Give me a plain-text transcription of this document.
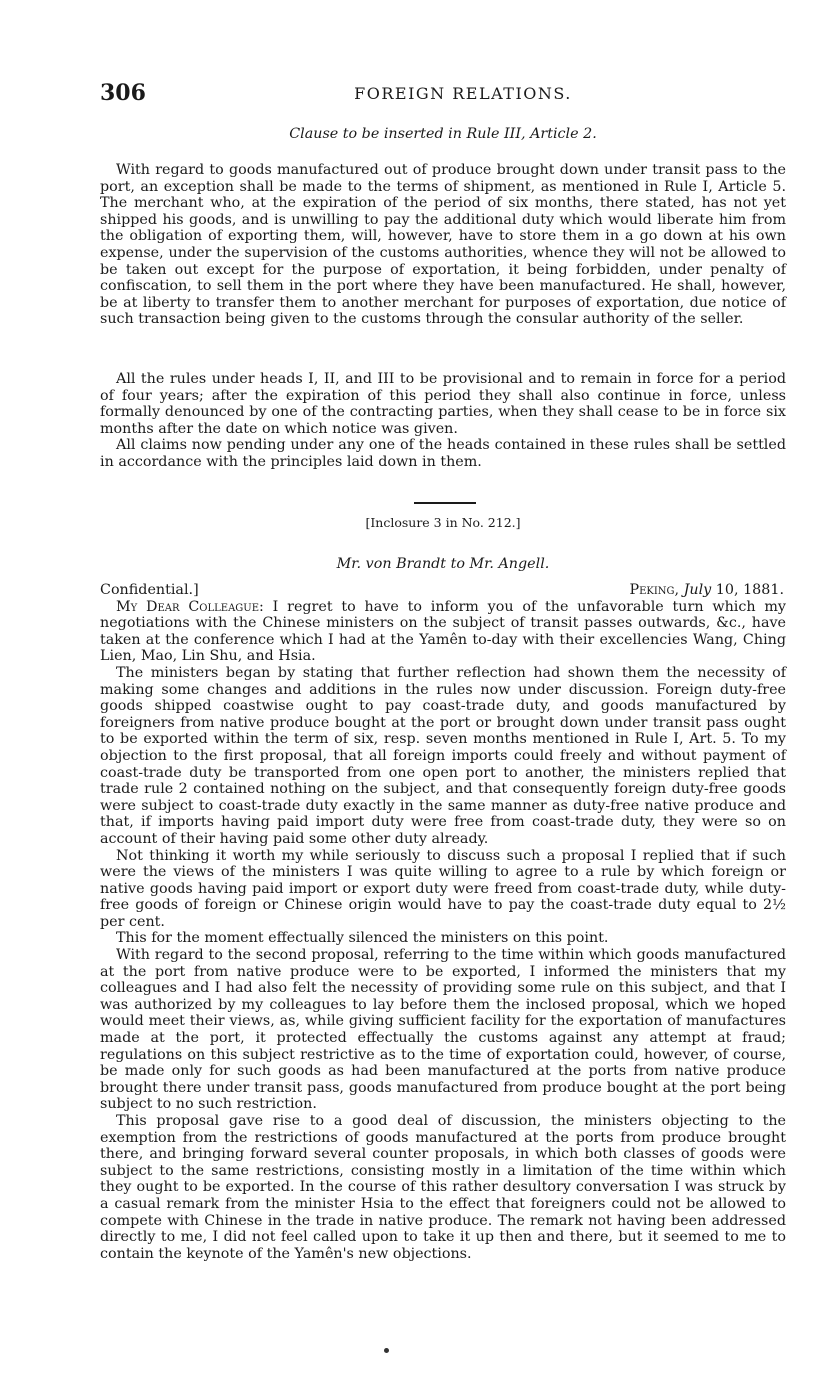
306	FOREIGN RELATIONS.

Clause to be inserted in Rule III, Article 2.

With regard to goods manufactured out of produce brought down under transit pass to the port, an exception shall be made to the terms of shipment, as mentioned in Rule I, Article 5. The merchant who, at the expiration of the period of six months, there stated, has not yet shipped his goods, and is unwilling to pay the additional duty which would liberate him from the obligation of exporting them, will, however, have to store them in a go down at his own expense, under the supervision of the customs authorities, whence they will not be allowed to be taken out except for the purpose of exportation, it being forbidden, under penalty of confiscation, to sell them in the port where they have been manufactured. He shall, however, be at liberty to transfer them to another merchant for purposes of exportation, due notice of such transaction being given to the customs through the consular authority of the seller.

All the rules under heads I, II, and III to be provisional and to remain in force for a period of four years; after the expiration of this period they shall also continue in force, unless formally denounced by one of the contracting parties, when they shall cease to be in force six months after the date on which notice was given.

All claims now pending under any one of the heads contained in these rules shall be settled in accordance with the principles laid down in them.

[Inclosure 3 in No. 212.]

Mr. von Brandt to Mr. Angell.

Confidential.]	Peking, July 10, 1881.

My Dear Colleague: I regret to have to inform you of the unfavorable turn which my negotiations with the Chinese ministers on the subject of transit passes outwards, &c., have taken at the conference which I had at the Yamên to-day with their excellencies Wang, Ching Lien, Mao, Lin Shu, and Hsia.

The ministers began by stating that further reflection had shown them the necessity of making some changes and additions in the rules now under discussion. Foreign duty-free goods shipped coastwise ought to pay coast-trade duty, and goods manufactured by foreigners from native produce bought at the port or brought down under transit pass ought to be exported within the term of six, resp. seven months mentioned in Rule I, Art. 5. To my objection to the first proposal, that all foreign imports could freely and without payment of coast-trade duty be transported from one open port to another, the ministers replied that trade rule 2 contained nothing on the subject, and that consequently foreign duty-free goods were subject to coast-trade duty exactly in the same manner as duty-free native produce and that, if imports having paid import duty were free from coast-trade duty, they were so on account of their having paid some other duty already.

Not thinking it worth my while seriously to discuss such a proposal I replied that if such were the views of the ministers I was quite willing to agree to a rule by which foreign or native goods having paid import or export duty were freed from coast-trade duty, while duty-free goods of foreign or Chinese origin would have to pay the coast-trade duty equal to 2½ per cent.

This for the moment effectually silenced the ministers on this point.

With regard to the second proposal, referring to the time within which goods manufactured at the port from native produce were to be exported, I informed the ministers that my colleagues and I had also felt the necessity of providing some rule on this subject, and that I was authorized by my colleagues to lay before them the inclosed proposal, which we hoped would meet their views, as, while giving sufficient facility for the exportation of manufactures made at the port, it protected effectually the customs against any attempt at fraud; regulations on this subject restrictive as to the time of exportation could, however, of course, be made only for such goods as had been manufactured at the ports from native produce brought there under transit pass, goods manufactured from produce bought at the port being subject to no such restriction.

This proposal gave rise to a good deal of discussion, the ministers objecting to the exemption from the restrictions of goods manufactured at the ports from produce brought there, and bringing forward several counter proposals, in which both classes of goods were subject to the same restrictions, consisting mostly in a limitation of the time within which they ought to be exported. In the course of this rather desultory conversation I was struck by a casual remark from the minister Hsia to the effect that foreigners could not be allowed to compete with Chinese in the trade in native produce. The remark not having been addressed directly to me, I did not feel called upon to take it up then and there, but it seemed to me to contain the keynote of the Yamên's new objections.
